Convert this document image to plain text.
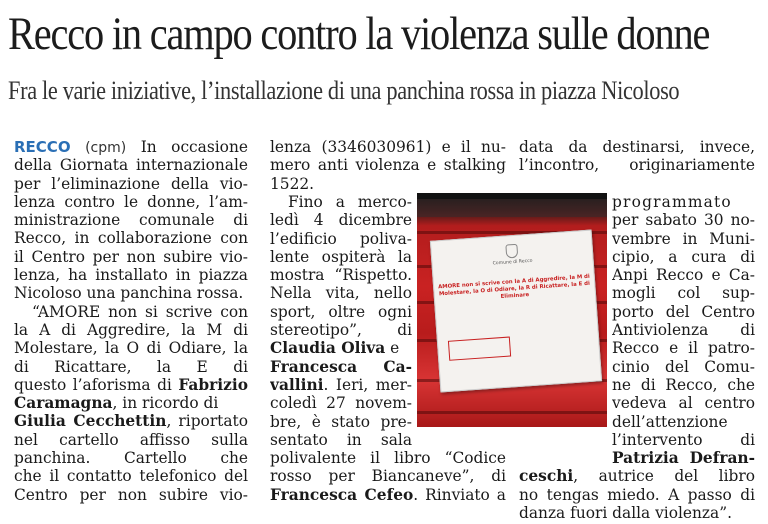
Recco in campo contro la violenza sulle donne
Fra le varie iniziative, l’installazione di una panchina rossa in piazza Nicoloso
RECCO (cpm) In occasione
della Giornata internazionale
per l’eliminazione della vio-
lenza contro le donne, l’am-
ministrazione comunale di
Recco, in collaborazione con
il Centro per non subire vio-
lenza, ha installato in piazza
Nicoloso una panchina rossa.
“AMORE non si scrive con
la A di Aggredire, la M di
Molestare, la O di Odiare, la
di Ricattare, la E di
questo l’aforisma di Fabrizio
Caramagna, in ricordo di
Giulia Cecchettin, riportato
nel cartello affisso sulla
panchina. Cartello che
che il contatto telefonico del
Centro per non subire vio-
lenza (3346030961) e il nu-
mero anti violenza e stalking
1522.
Fino a merco-
ledì 4 dicembre
l’edificio poliva-
lente ospiterà la
mostra “Rispetto.
Nella vita, nello
sport, oltre ogni
stereotipo”, di
Claudia Oliva e
Francesca Ca-
vallini. Ieri, mer-
coledì 27 novem-
bre, è stato pre-
sentato in sala
polivalente il libro “Codice
rosso per Biancaneve”, di
Francesca Cefeo. Rinviato a
data da destinarsi, invece,
l’incontro, originariamente
programmato
per sabato 30 no-
vembre in Muni-
cipio, a cura di
Anpi Recco e Ca-
mogli col sup-
porto del Centro
Antiviolenza di
Recco e il patro-
cinio del Comu-
ne di Recco, che
vedeva al centro
dell’attenzione
l’intervento di
Patrizia Defran-
ceschi, autrice del libro
no tengas miedo. A passo di
danza fuori dalla violenza”.
Comune di Recco
AMORE non si scrive con la A di Aggredire, la M di Molestare, la O di Odiare, la R di Ricattare, la E di Eliminare
